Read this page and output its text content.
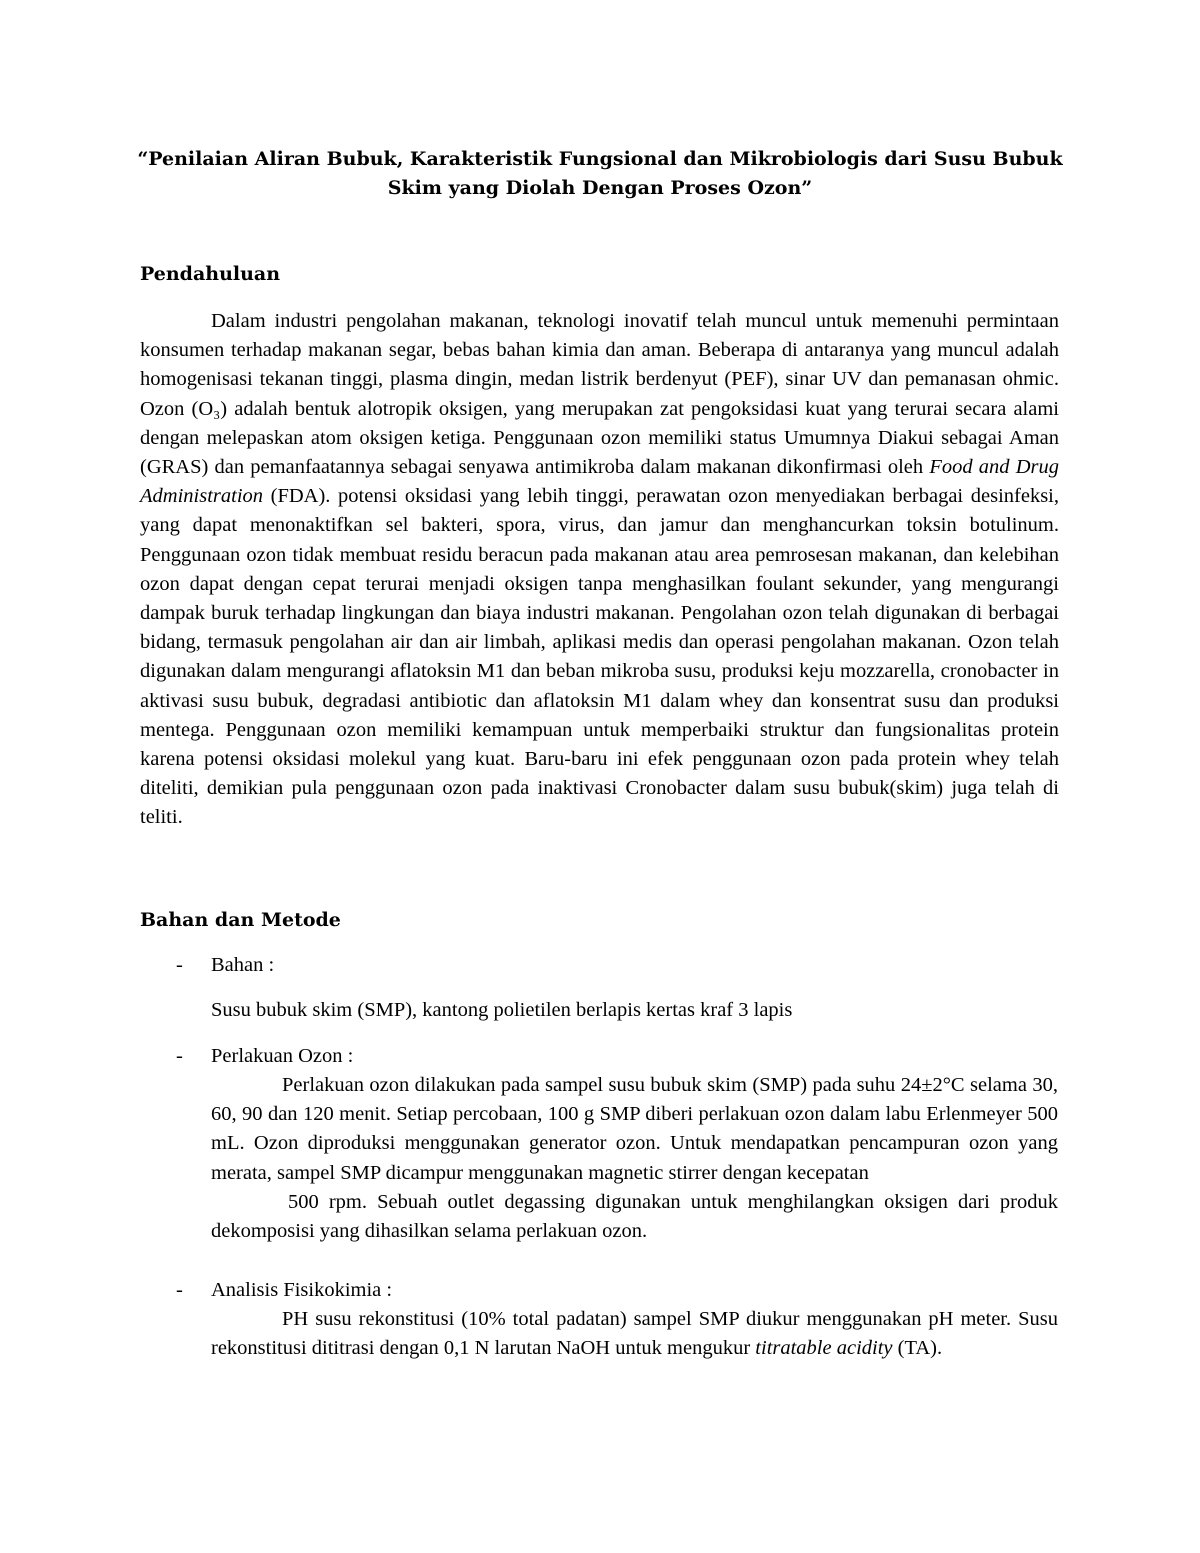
“Penilaian Aliran Bubuk, Karakteristik Fungsional dan Mikrobiologis dari Susu Bubuk
Skim yang Diolah Dengan Proses Ozon”
Pendahuluan

Dalam industri pengolahan makanan, teknologi inovatif telah muncul untuk memenuhi permintaan konsumen terhadap makanan segar, bebas bahan kimia dan aman. Beberapa di antaranya yang muncul adalah homogenisasi tekanan tinggi, plasma dingin, medan listrik berdenyut (PEF), sinar UV dan pemanasan ohmic. Ozon (O₃) adalah bentuk alotropik oksigen, yang merupakan zat pengoksidasi kuat yang terurai secara alami dengan melepaskan atom oksigen ketiga. Penggunaan ozon memiliki status Umumnya Diakui sebagai Aman (GRAS) dan pemanfaatannya sebagai senyawa antimikroba dalam makanan dikonfirmasi oleh Food and Drug Administration (FDA). potensi oksidasi yang lebih tinggi, perawatan ozon menyediakan berbagai desinfeksi, yang dapat menonaktifkan sel bakteri, spora, virus, dan jamur dan menghancurkan toksin botulinum. Penggunaan ozon tidak membuat residu beracun pada makanan atau area pemrosesan makanan, dan kelebihan ozon dapat dengan cepat terurai menjadi oksigen tanpa menghasilkan foulant sekunder, yang mengurangi dampak buruk terhadap lingkungan dan biaya industri makanan. Pengolahan ozon telah digunakan di berbagai bidang, termasuk pengolahan air dan air limbah, aplikasi medis dan operasi pengolahan makanan. Ozon telah digunakan dalam mengurangi aflatoksin M1 dan beban mikroba susu, produksi keju mozzarella, cronobacter in aktivasi susu bubuk, degradasi antibiotic dan aflatoksin M1 dalam whey dan konsentrat susu dan produksi mentega. Penggunaan ozon memiliki kemampuan untuk memperbaiki struktur dan fungsionalitas protein karena potensi oksidasi molekul yang kuat. Baru-baru ini efek penggunaan ozon pada protein whey telah diteliti, demikian pula penggunaan ozon pada inaktivasi Cronobacter dalam susu bubuk(skim) juga telah di teliti.

Bahan dan Metode
- Bahan :

Susu bubuk skim (SMP), kantong polietilen berlapis kertas kraf 3 lapis

- Perlakuan Ozon :

Perlakuan ozon dilakukan pada sampel susu bubuk skim (SMP) pada suhu 24±2°C selama 30, 60, 90 dan 120 menit. Setiap percobaan, 100 g SMP diberi perlakuan ozon dalam labu Erlenmeyer 500 mL. Ozon diproduksi menggunakan generator ozon. Untuk mendapatkan pencampuran ozon yang merata, sampel SMP dicampur menggunakan magnetic stirrer dengan kecepatan

500 rpm. Sebuah outlet degassing digunakan untuk menghilangkan oksigen dari produk dekomposisi yang dihasilkan selama perlakuan ozon.

- Analisis Fisikokimia :

PH susu rekonstitusi (10% total padatan) sampel SMP diukur menggunakan pH meter. Susu rekonstitusi dititrasi dengan 0,1 N larutan NaOH untuk mengukur titratable acidity (TA).
